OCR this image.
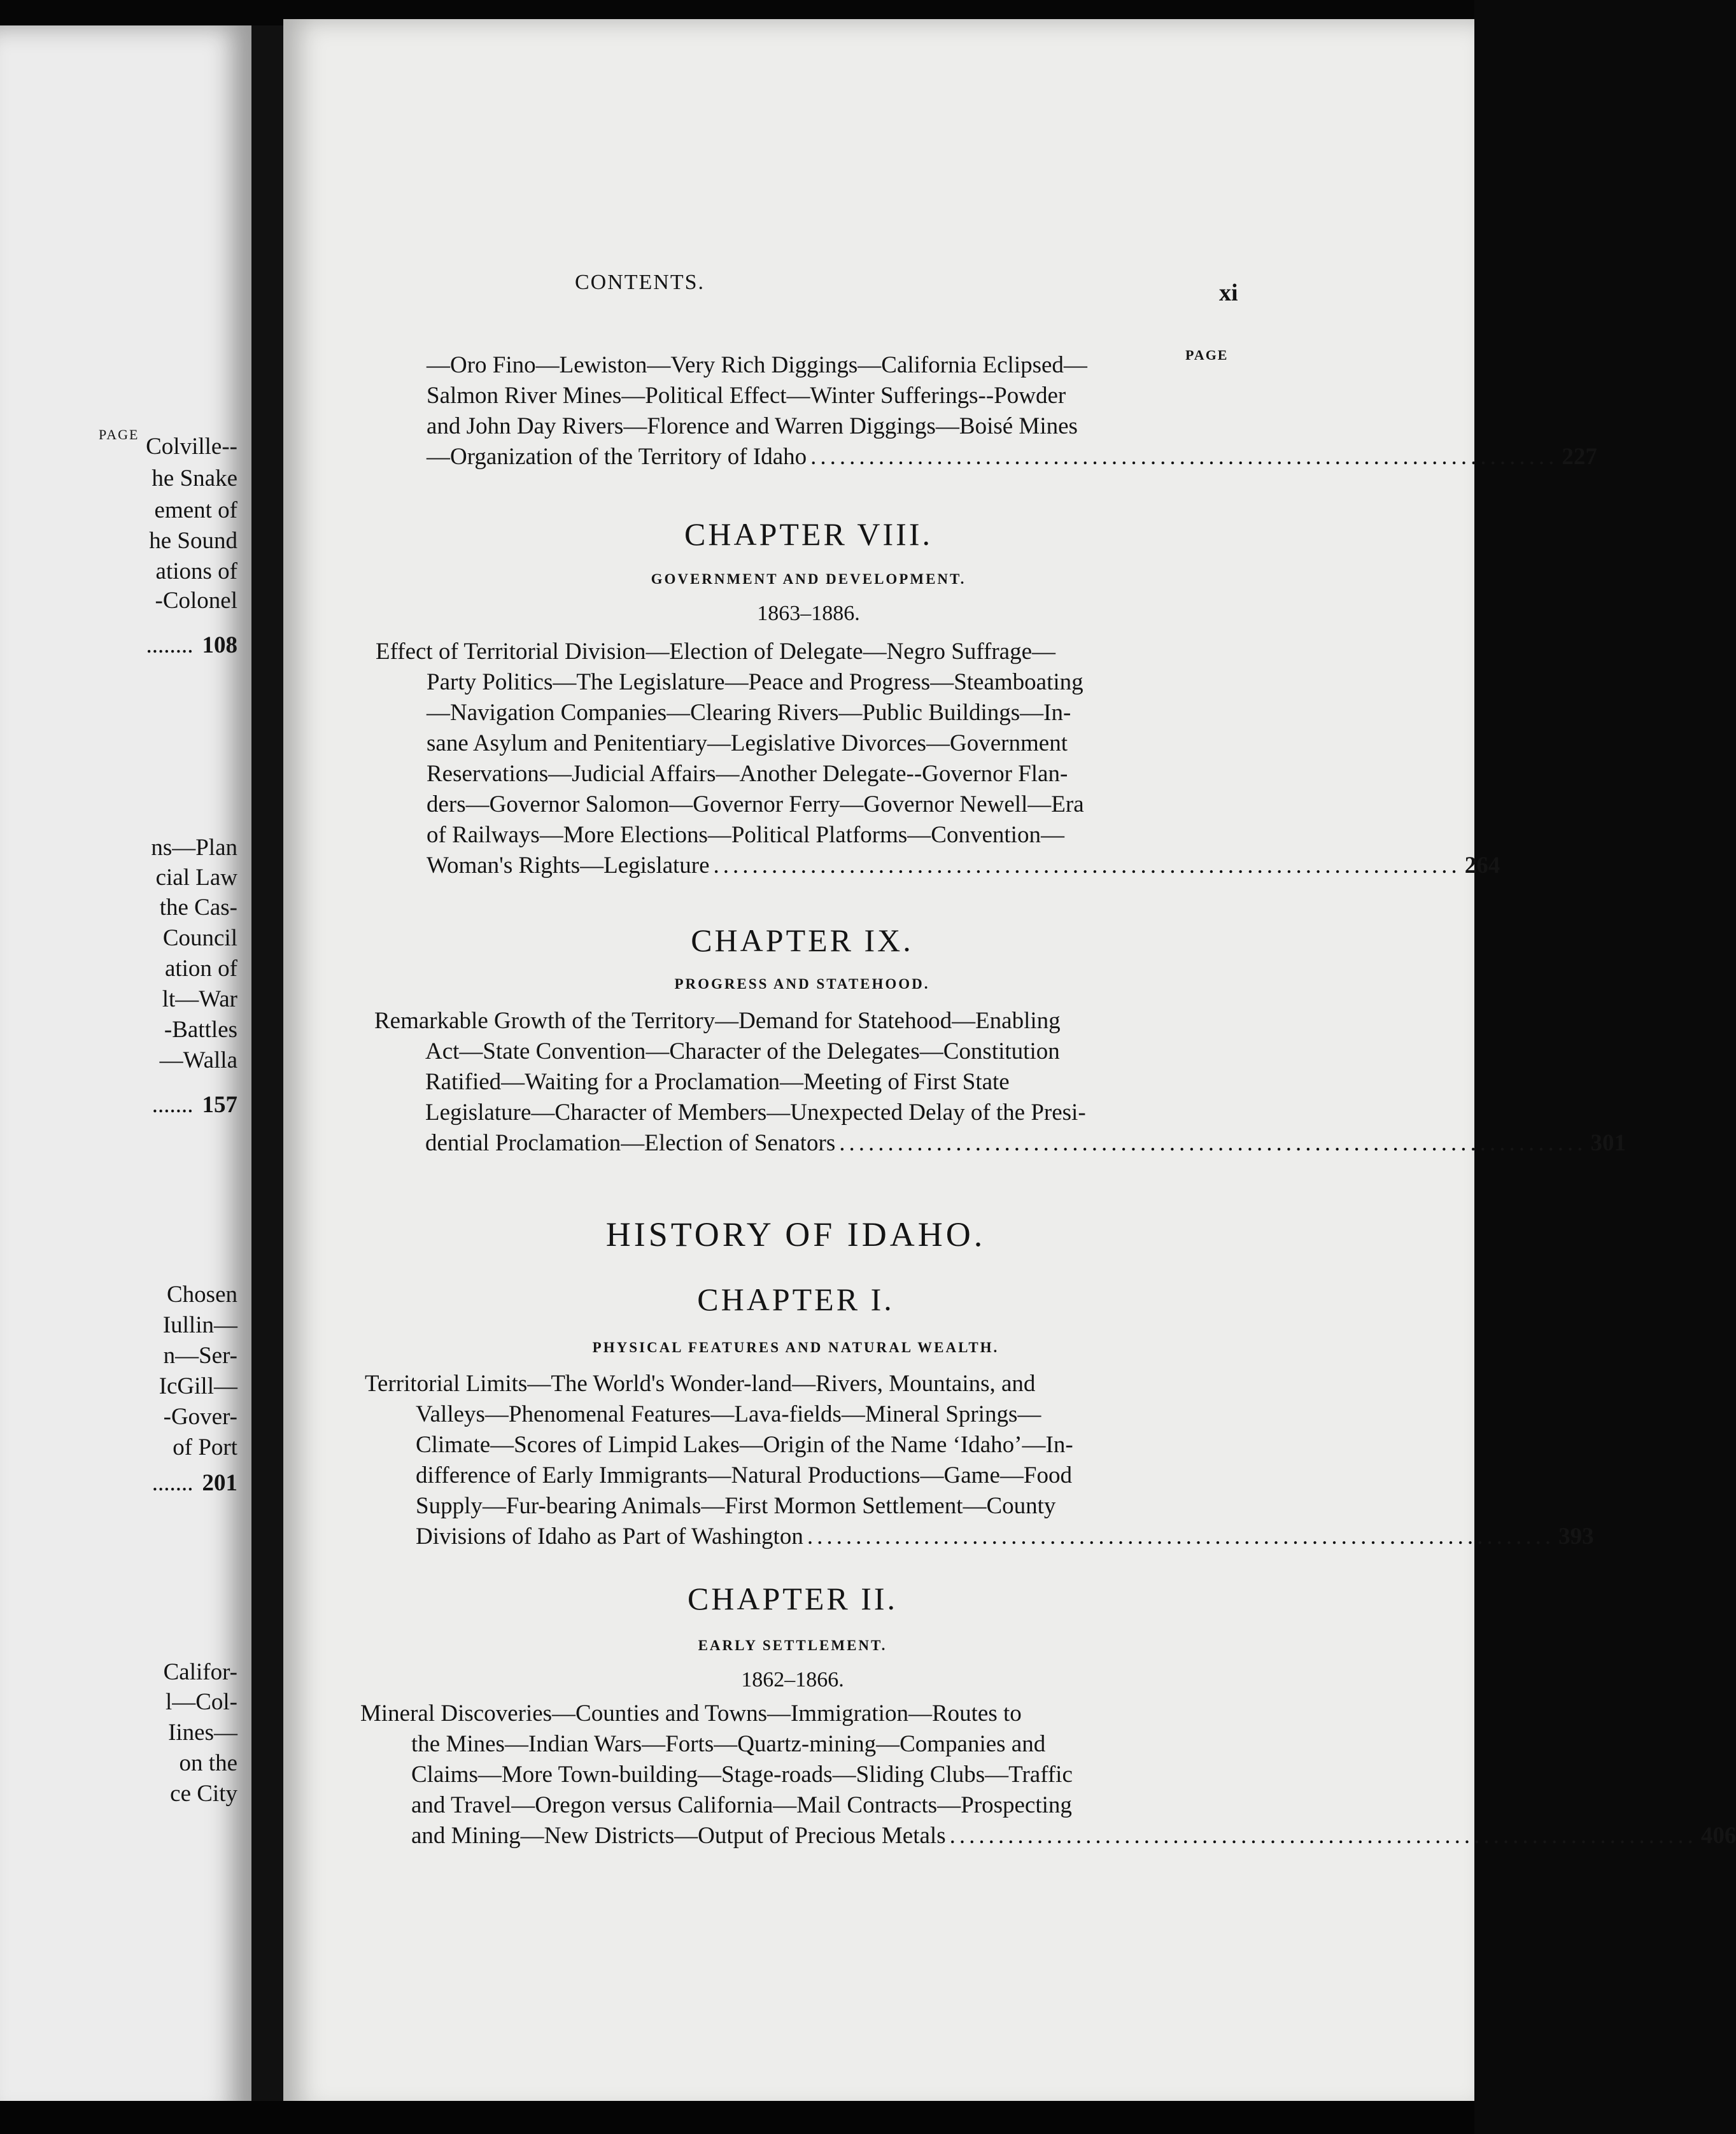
PAGE Colville--
he Snake
ement of
he Sound
ations of
-Colonel
........ 108
ns—Plan
cial Law
the Cas-
Council
ation of
lt—War
-Battles
—Walla
....... 157
Chosen
Iullin—
n—Ser-
IcGill—
-Gover-
of Port
....... 201
Califor-
l—Col-
Iines—
on the
ce City
CONTENTS.	xi
PAGE

—Oro Fino—Lewiston—Very Rich Diggings—California Eclipsed—
Salmon River Mines—Political Effect—Winter Sufferings--Powder
and John Day Rivers—Florence and Warren Diggings—Boisé Mines

—Organization of the Territory of Idaho ............................................................................. 227
CHAPTER VIII.
GOVERNMENT AND DEVELOPMENT.
1863–1886.

Effect of Territorial Division—Election of Delegate—Negro Suffrage—
Party Politics—The Legislature—Peace and Progress—Steamboating
—Navigation Companies—Clearing Rivers—Public Buildings—In-
sane Asylum and Penitentiary—Legislative Divorces—Government
Reservations—Judicial Affairs—Another Delegate--Governor Flan-
ders—Governor Salomon—Governor Ferry—Governor Newell—Era
of Railways—More Elections—Political Platforms—Convention—

Woman's Rights—Legislature ............................................................................. 264
CHAPTER IX.
PROGRESS AND STATEHOOD.

Remarkable Growth of the Territory—Demand for Statehood—Enabling
Act—State Convention—Character of the Delegates—Constitution
Ratified—Waiting for a Proclamation—Meeting of First State
Legislature—Character of Members—Unexpected Delay of the Presi-

dential Proclamation—Election of Senators ............................................................................. 301
HISTORY OF IDAHO.
CHAPTER I.
PHYSICAL FEATURES AND NATURAL WEALTH.

Territorial Limits—The World's Wonder-land—Rivers, Mountains, and
Valleys—Phenomenal Features—Lava-fields—Mineral Springs—
Climate—Scores of Limpid Lakes—Origin of the Name ‘Idaho’—In-
difference of Early Immigrants—Natural Productions—Game—Food
Supply—Fur-bearing Animals—First Mormon Settlement—County

Divisions of Idaho as Part of Washington ............................................................................. 393
CHAPTER II.
EARLY SETTLEMENT.
1862–1866.

Mineral Discoveries—Counties and Towns—Immigration—Routes to
the Mines—Indian Wars—Forts—Quartz-mining—Companies and
Claims—More Town-building—Stage-roads—Sliding Clubs—Traffic
and Travel—Oregon versus California—Mail Contracts—Prospecting

and Mining—New Districts—Output of Precious Metals ............................................................................. 406
